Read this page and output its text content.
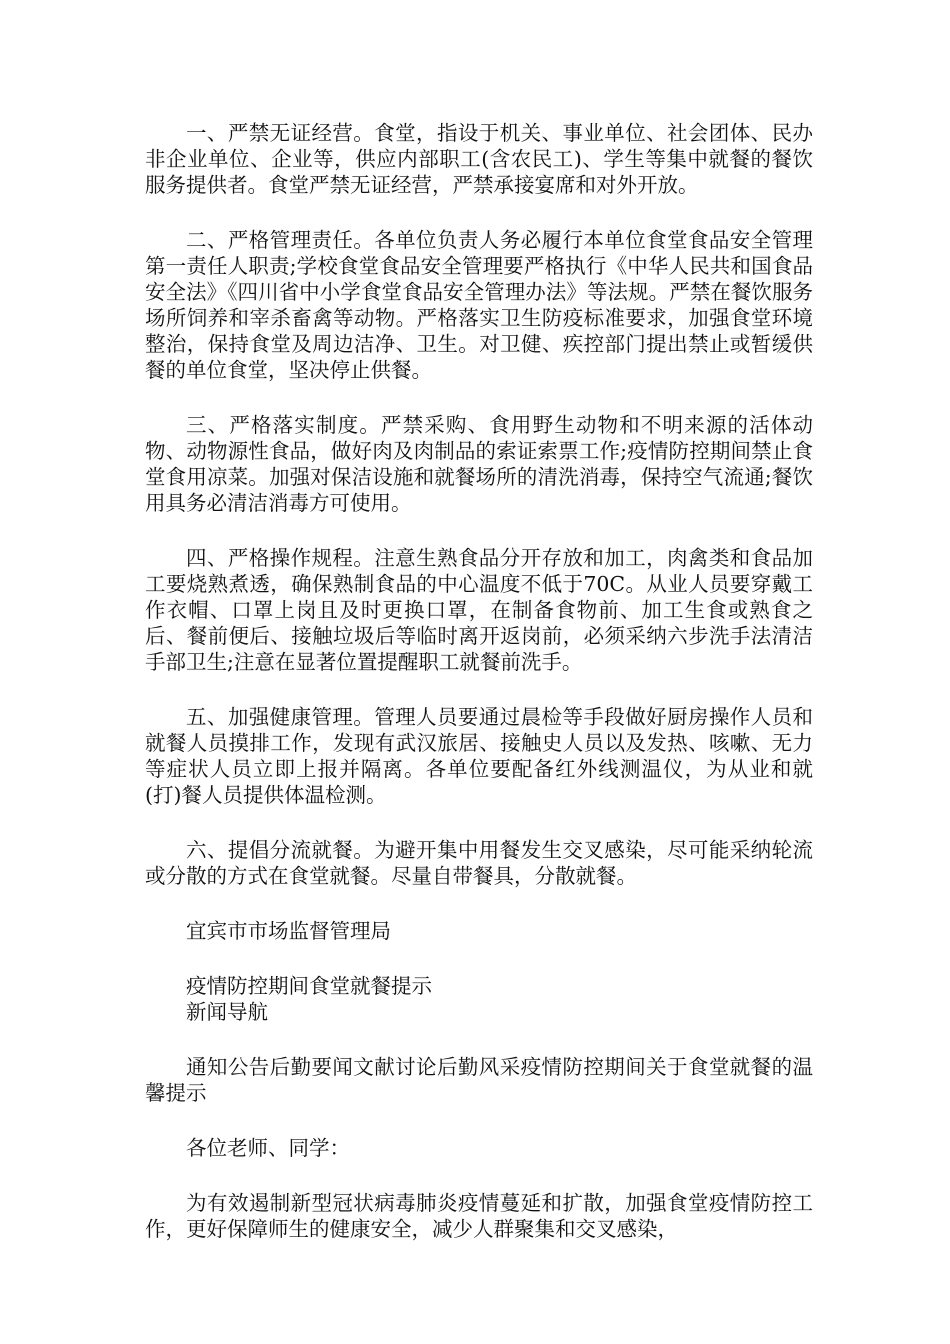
一、严禁无证经营。食堂，指设于机关、事业单位、社会团体、民办非企业单位、企业等，供应内部职工(含农民工)、学生等集中就餐的餐饮服务提供者。食堂严禁无证经营，严禁承接宴席和对外开放。

二、严格管理责任。各单位负责人务必履行本单位食堂食品安全管理第一责任人职责;学校食堂食品安全管理要严格执行《中华人民共和国食品安全法》《四川省中小学食堂食品安全管理办法》等法规。严禁在餐饮服务场所饲养和宰杀畜禽等动物。严格落实卫生防疫标准要求，加强食堂环境整治，保持食堂及周边洁净、卫生。对卫健、疾控部门提出禁止或暂缓供餐的单位食堂，坚决停止供餐。

三、严格落实制度。严禁采购、食用野生动物和不明来源的活体动物、动物源性食品，做好肉及肉制品的索证索票工作;疫情防控期间禁止食堂食用凉菜。加强对保洁设施和就餐场所的清洗消毒，保持空气流通;餐饮用具务必清洁消毒方可使用。

四、严格操作规程。注意生熟食品分开存放和加工，肉禽类和食品加工要烧熟煮透，确保熟制食品的中心温度不低于70C。从业人员要穿戴工作衣帽、口罩上岗且及时更换口罩，在制备食物前、加工生食或熟食之后、餐前便后、接触垃圾后等临时离开返岗前，必须采纳六步洗手法清洁手部卫生;注意在显著位置提醒职工就餐前洗手。

五、加强健康管理。管理人员要通过晨检等手段做好厨房操作人员和就餐人员摸排工作，发现有武汉旅居、接触史人员以及发热、咳嗽、无力等症状人员立即上报并隔离。各单位要配备红外线测温仪，为从业和就(打)餐人员提供体温检测。

六、提倡分流就餐。为避开集中用餐发生交叉感染，尽可能采纳轮流或分散的方式在食堂就餐。尽量自带餐具，分散就餐。

宜宾市市场监督管理局

疫情防控期间食堂就餐提示

新闻导航

通知公告后勤要闻文献讨论后勤风采疫情防控期间关于食堂就餐的温馨提示

各位老师、同学：

为有效遏制新型冠状病毒肺炎疫情蔓延和扩散，加强食堂疫情防控工作，更好保障师生的健康安全，减少人群聚集和交叉感染，
